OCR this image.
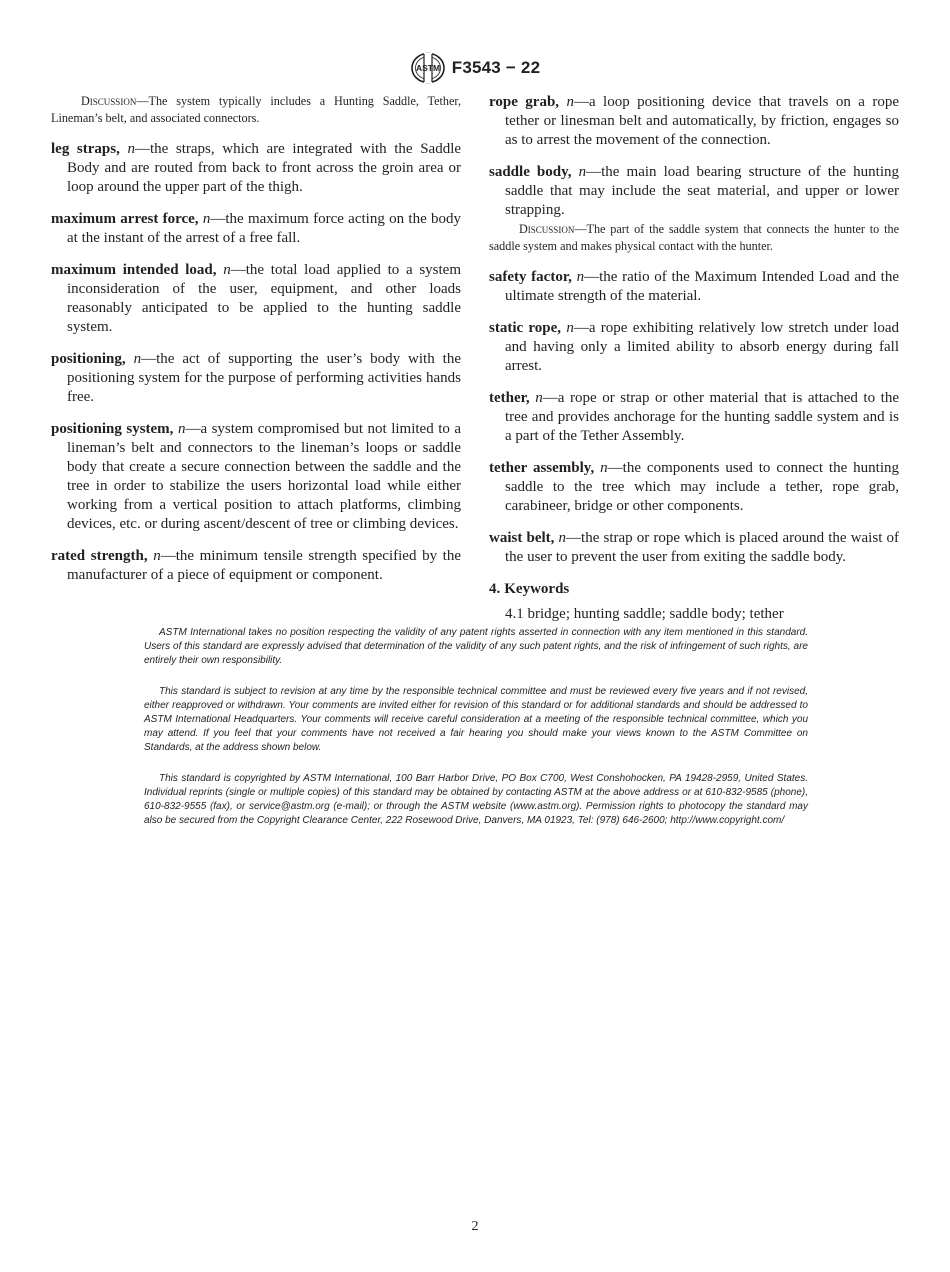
ASTM F3543 − 22

Discussion—The system typically includes a Hunting Saddle, Tether, Lineman’s belt, and associated connectors.

leg straps, n—the straps, which are integrated with the Saddle Body and are routed from back to front across the groin area or loop around the upper part of the thigh.

maximum arrest force, n—the maximum force acting on the body at the instant of the arrest of a free fall.

maximum intended load, n—the total load applied to a system inconsideration of the user, equipment, and other loads reasonably anticipated to be applied to the hunting saddle system.

positioning, n—the act of supporting the user’s body with the positioning system for the purpose of performing activities hands free.

positioning system, n—a system compromised but not limited to a lineman’s belt and connectors to the lineman’s loops or saddle body that create a secure connection between the saddle and the tree in order to stabilize the users horizontal load while either working from a vertical position to attach platforms, climbing devices, etc. or during ascent/descent of tree or climbing devices.

rated strength, n—the minimum tensile strength specified by the manufacturer of a piece of equipment or component.

rope grab, n—a loop positioning device that travels on a rope tether or linesman belt and automatically, by friction, engages so as to arrest the movement of the connection.

saddle body, n—the main load bearing structure of the hunting saddle that may include the seat material, and upper or lower strapping.

Discussion—The part of the saddle system that connects the hunter to the saddle system and makes physical contact with the hunter.

safety factor, n—the ratio of the Maximum Intended Load and the ultimate strength of the material.

static rope, n—a rope exhibiting relatively low stretch under load and having only a limited ability to absorb energy during fall arrest.

tether, n—a rope or strap or other material that is attached to the tree and provides anchorage for the hunting saddle system and is a part of the Tether Assembly.

tether assembly, n—the components used to connect the hunting saddle to the tree which may include a tether, rope grab, carabineer, bridge or other components.

waist belt, n—the strap or rope which is placed around the waist of the user to prevent the user from exiting the saddle body.

4. Keywords

4.1 bridge; hunting saddle; saddle body; tether

ASTM International takes no position respecting the validity of any patent rights asserted in connection with any item mentioned in this standard. Users of this standard are expressly advised that determination of the validity of any such patent rights, and the risk of infringement of such rights, are entirely their own responsibility.

This standard is subject to revision at any time by the responsible technical committee and must be reviewed every five years and if not revised, either reapproved or withdrawn. Your comments are invited either for revision of this standard or for additional standards and should be addressed to ASTM International Headquarters. Your comments will receive careful consideration at a meeting of the responsible technical committee, which you may attend. If you feel that your comments have not received a fair hearing you should make your views known to the ASTM Committee on Standards, at the address shown below.

This standard is copyrighted by ASTM International, 100 Barr Harbor Drive, PO Box C700, West Conshohocken, PA 19428-2959, United States. Individual reprints (single or multiple copies) of this standard may be obtained by contacting ASTM at the above address or at 610-832-9585 (phone), 610-832-9555 (fax), or service@astm.org (e-mail); or through the ASTM website (www.astm.org). Permission rights to photocopy the standard may also be secured from the Copyright Clearance Center, 222 Rosewood Drive, Danvers, MA 01923, Tel: (978) 646-2600; http://www.copyright.com/

2
